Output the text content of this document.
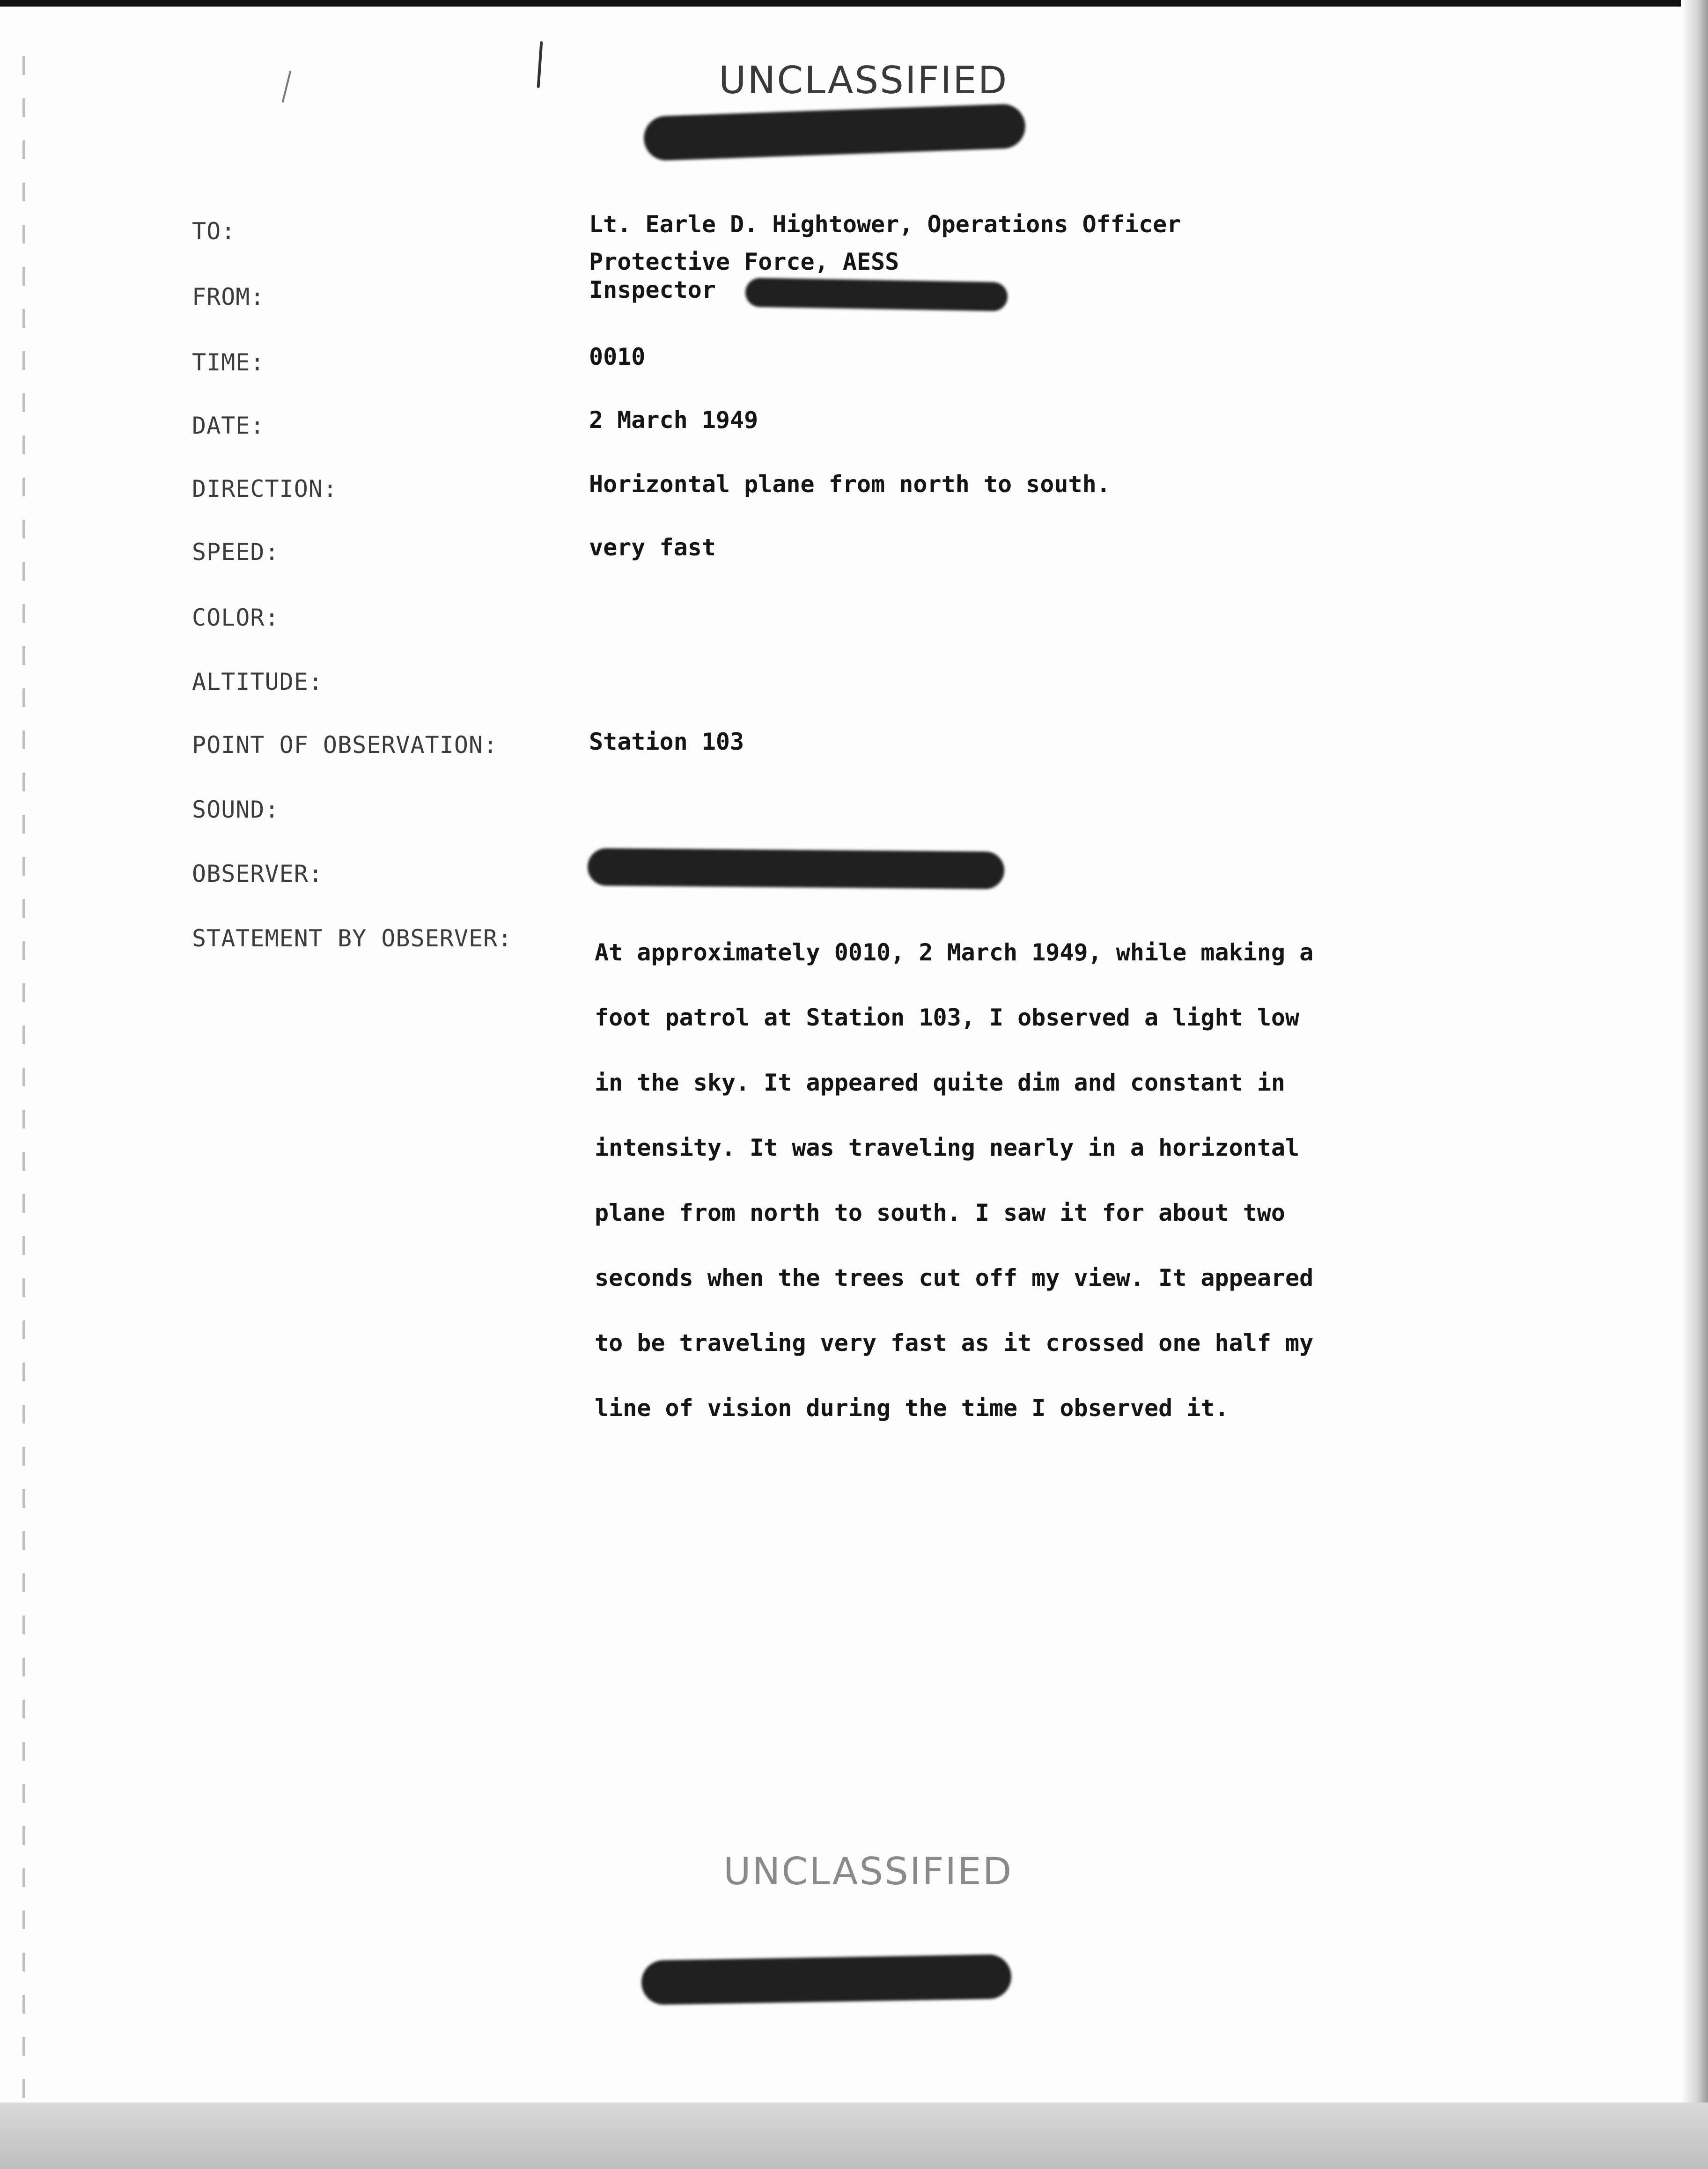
UNCLASSIFIED
TO:	Lt. Earle D. Hightower, Operations Officer
Protective Force, AESS
FROM:	Inspector
TIME:	0010
DATE:	2 March 1949
DIRECTION:	Horizontal plane from north to south.
SPEED:	very fast
COLOR:
ALTITUDE:
POINT OF OBSERVATION:	Station 103
SOUND:
OBSERVER:
STATEMENT BY OBSERVER:
At approximately 0010, 2 March 1949, while making a
foot patrol at Station 103, I observed a light low
in the sky. It appeared quite dim and constant in
intensity. It was traveling nearly in a horizontal
plane from north to south. I saw it for about two
seconds when the trees cut off my view. It appeared
to be traveling very fast as it crossed one half my
line of vision during the time I observed it.
UNCLASSIFIED
